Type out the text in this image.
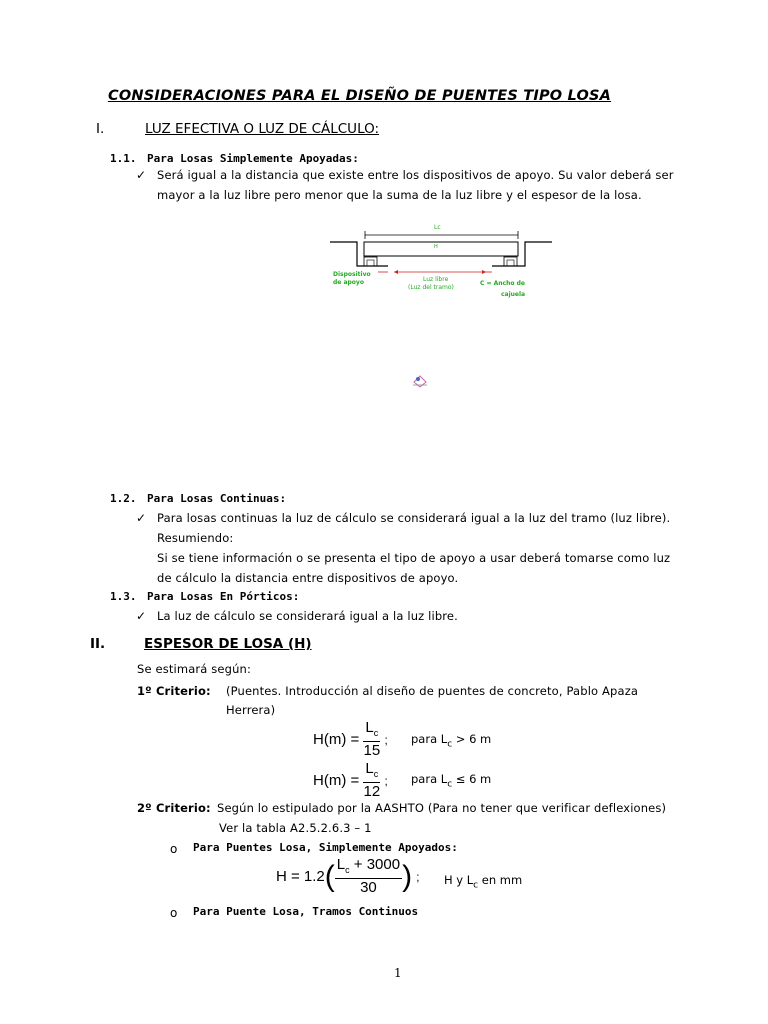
CONSIDERACIONES PARA EL DISEÑO DE PUENTES TIPO LOSA
I.	LUZ EFECTIVA O LUZ DE CÁLCULO:
1.1. Para Losas Simplemente Apoyadas:
✓ Será igual a la distancia que existe entre los dispositivos de apoyo. Su valor deberá ser
mayor a la luz libre pero menor que la suma de la luz libre y el espesor de la losa.
Lc
H
Dispositivo
de apoyo	Luz libre
(Luz del tramo)
C = Ancho de
cajuela
1.2. Para Losas Continuas:
✓ Para losas continuas la luz de cálculo se considerará igual a la luz del tramo (luz libre).
Resumiendo:
Si se tiene información o se presenta el tipo de apoyo a usar deberá tomarse como luz
de cálculo la distancia entre dispositivos de apoyo.
1.3. Para Losas En Pórticos:
✓ La luz de cálculo se considerará igual a la luz libre.
II.	ESPESOR DE LOSA (H)
Se estimará según:
1º Criterio: (Puentes. Introducción al diseño de puentes de concreto, Pablo Apaza
Herrera)
$H(m) = \frac{L_c}{15}$ ; para $L_c > 6$ m
$H(m) = \frac{L_c}{12}$ ; para $L_c \le 6$ m
2º Criterio: Según lo estipulado por la AASHTO (Para no tener que verificar deflexiones)
Ver la tabla A2.5.2.6.3 – 1
o Para Puentes Losa, Simplemente Apoyados:
$H = 1.2( \frac{L_c + 3000}{30}$ ) ; H y $L_c$ en mm
o Para Puente Losa, Tramos Continuos
1
